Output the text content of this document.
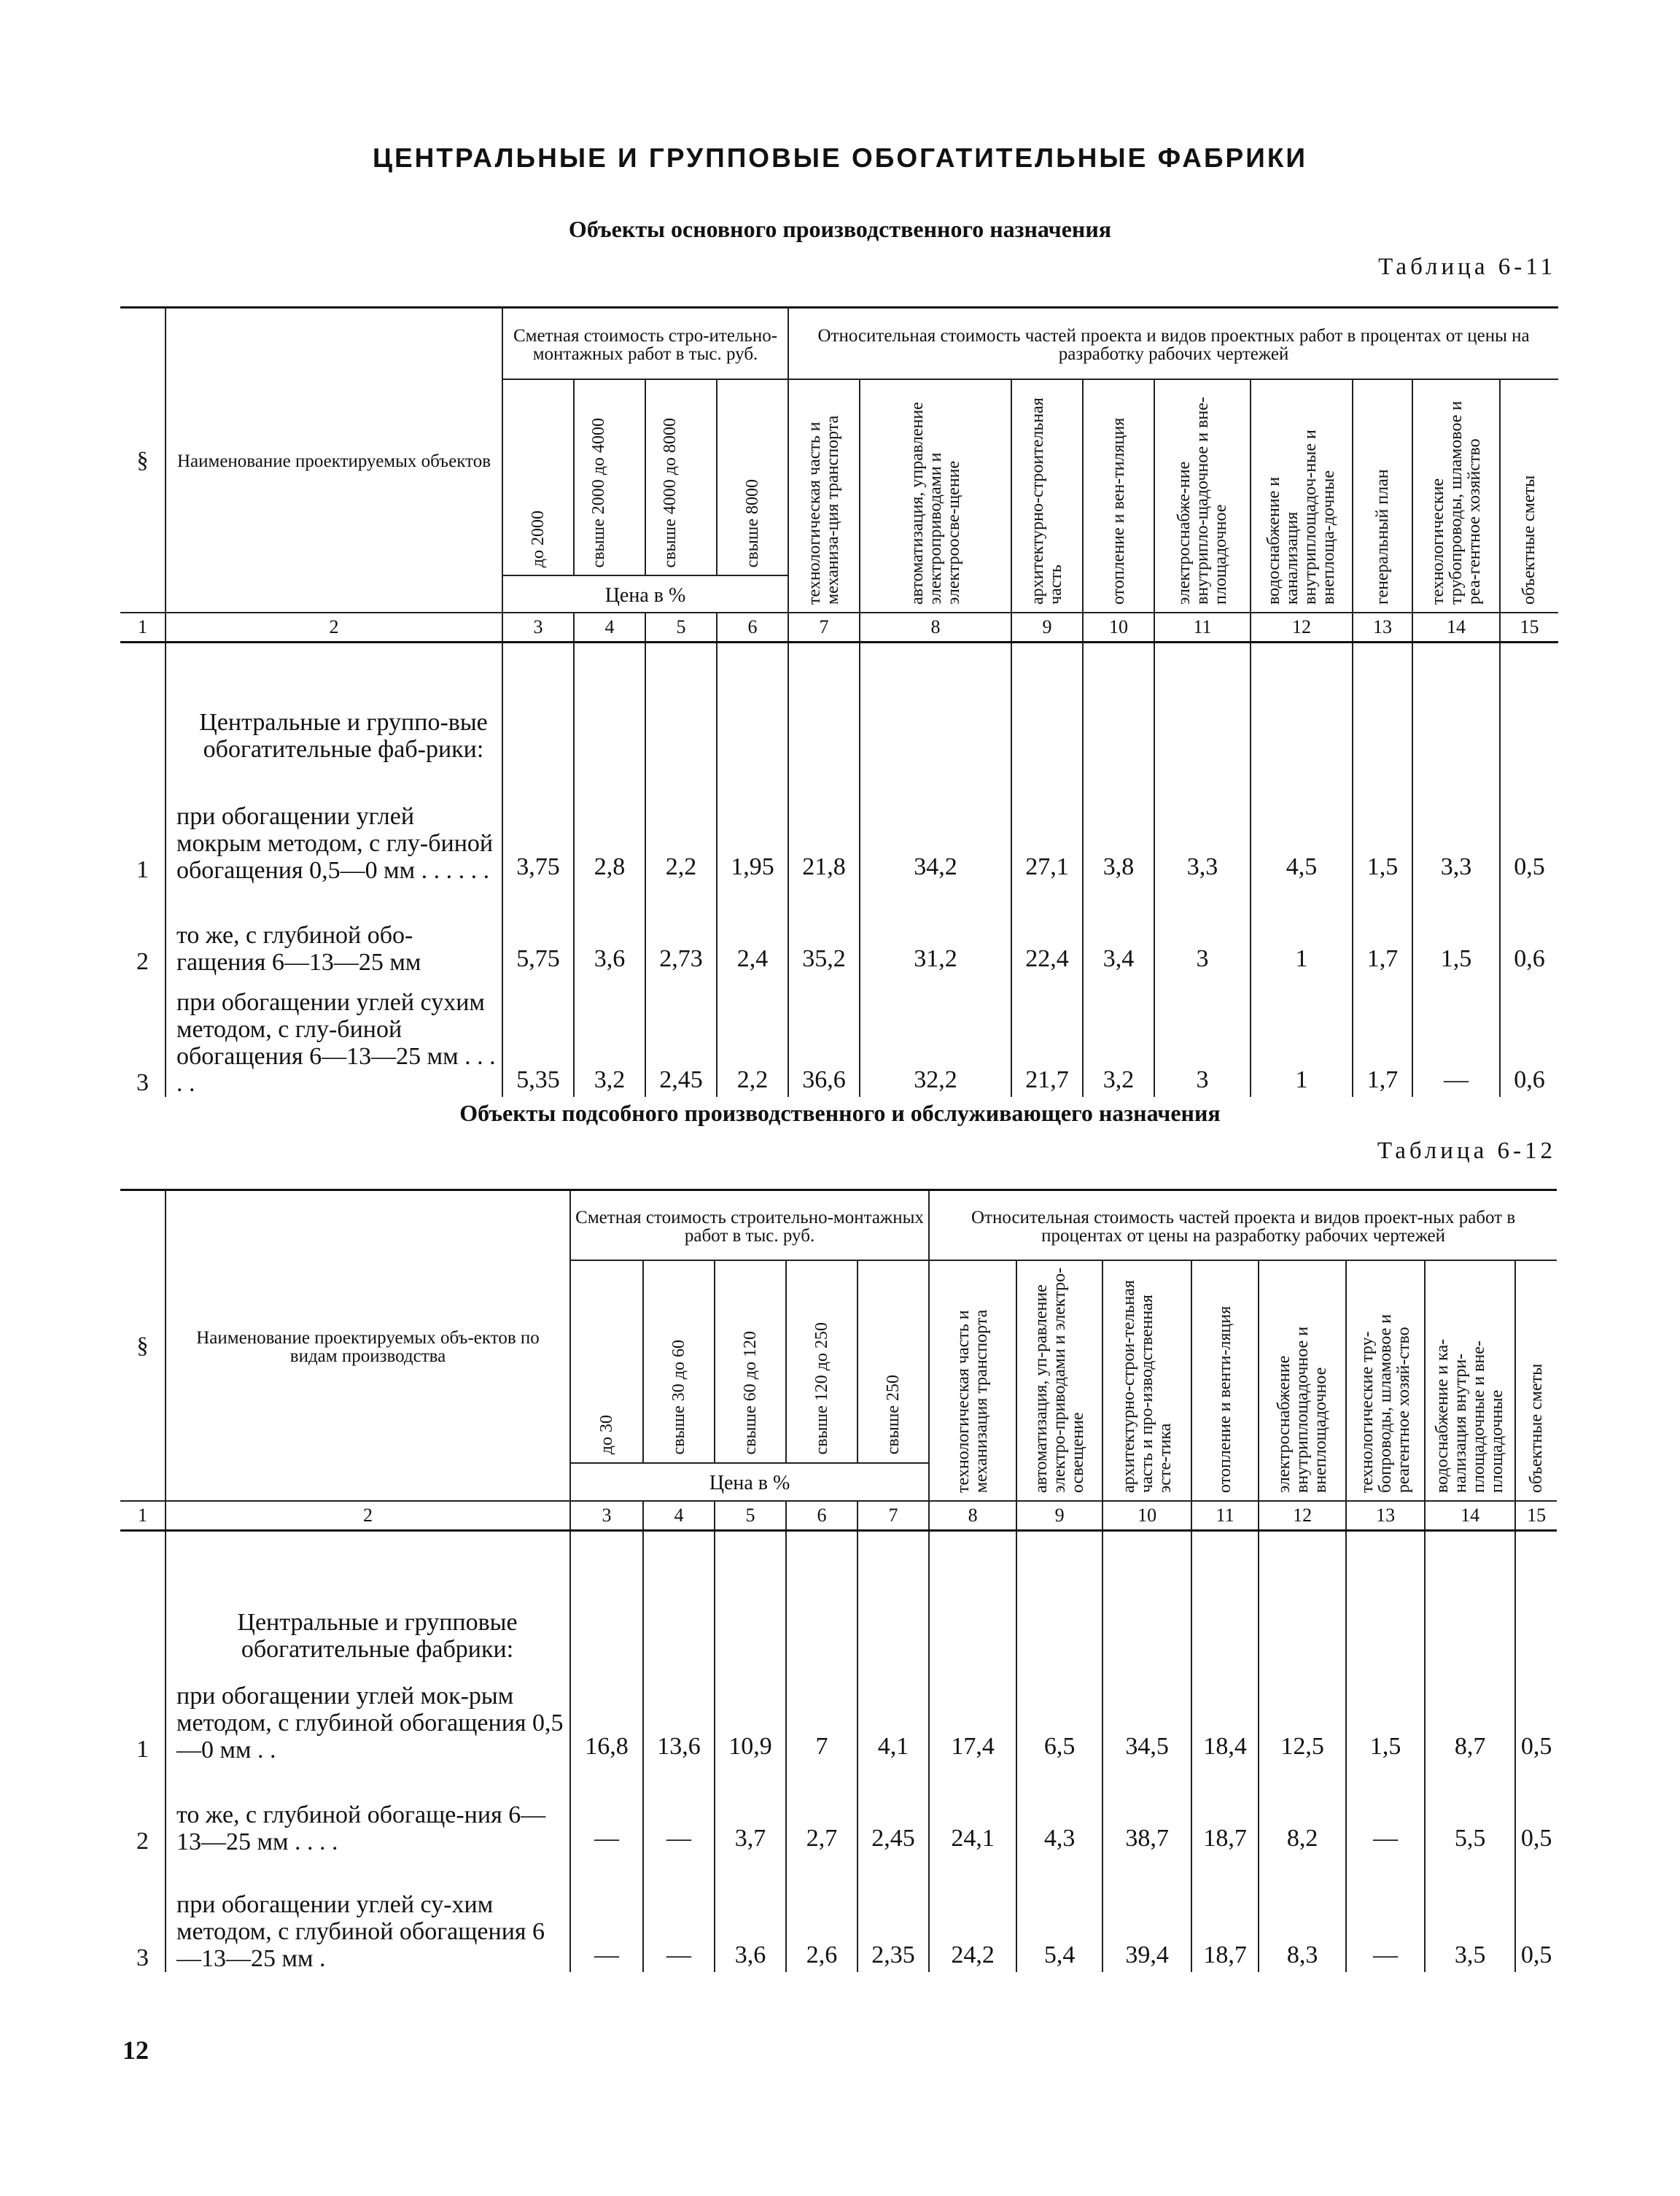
ЦЕНТРАЛЬНЫЕ И ГРУППОВЫЕ ОБОГАТИТЕЛЬНЫЕ ФАБРИКИ
Объекты основного производственного назначения
Таблица 6-11
§	Наименование проектируемых объектов	Сметная стоимость стро-ительно-монтажных работ в тыс. руб.				Относительная стоимость частей проекта и видов проектных работ в процентах от цены на разработку рабочих чертежей								

		до 2000	свыше 2000 до 4000	свыше 4000 до 8000	свыше 8000	технологическая часть и механиза-ция транспорта	автоматизация, управление электроприводами и электроосве-щение	архитектурно-строительная часть	отопление и вен-тиляция	электроснабже-ние внутрипло-щадочное и вне-площадочное	водоснабжение и канализация внутриплощадоч-ные и внеплоща-дочные	генеральный план	технологические трубопроводы, шламовое и реа-гентное хозяйство	объектные сметы

		Цена в %												
1	2	3	4	5	6	7	8	9	10	11	12	13	14	15

	Центральные и группо-вые обогатительные фаб-рики:													
1	при обогащении углей мокрым методом, с глу-биной обогащения 0,5—0 мм . . . . . .	3,75	2,8	2,2	1,95	21,8	34,2	27,1	3,8	3,3	4,5	1,5	3,3	0,5
2	то же, с глубиной обо-гащения 6—13—25 мм	5,75	3,6	2,73	2,4	35,2	31,2	22,4	3,4	3	1	1,7	1,5	0,6
3	при обогащении углей сухим методом, с глу-биной обогащения 6—13—25 мм . . . . .	5,35	3,2	2,45	2,2	36,6	32,2	21,7	3,2	3	1	1,7	—	0,6
Объекты подсобного производственного и обслуживающего назначения
Таблица 6-12
§	Наименование проектируемых объ-ектов по видам производства	Сметная стоимость строительно-монтажных работ в тыс. руб.					Относительная стоимость частей проекта и видов проект-ных работ в процентах от цены на разработку рабочих чертежей							

		до 30	свыше 30 до 60	свыше 60 до 120	свыше 120 до 250	свыше 250	технологическая часть и механизация транспорта	автоматизация, уп-равление электро-приводами и электро-освещение	архитектурно-строи-тельная часть и про-изводственная эсте-тика	отопление и венти-ляция	электроснабжение внутриплощадочное и внеплощадочное	технологические тру-бопроводы, шламовое и реагентное хозяй-ство	водоснабжение и ка-нализация внутри-площадочные и вне-площадочные	объектные сметы

		Цена в %												
1	2	3	4	5	6	7	8	9	10	11	12	13	14	15

	Центральные и групповые обогатительные фабрики:													
1	при обогащении углей мок-рым методом, с глубиной обогащения 0,5—0 мм . .	16,8	13,6	10,9	7	4,1	17,4	6,5	34,5	18,4	12,5	1,5	8,7	0,5
2	то же, с глубиной обогаще-ния 6—13—25 мм . . . .	—	—	3,7	2,7	2,45	24,1	4,3	38,7	18,7	8,2	—	5,5	0,5
3	при обогащении углей су-хим методом, с глубиной обогащения 6—13—25 мм .	—	—	3,6	2,6	2,35	24,2	5,4	39,4	18,7	8,3	—	3,5	0,5
12
